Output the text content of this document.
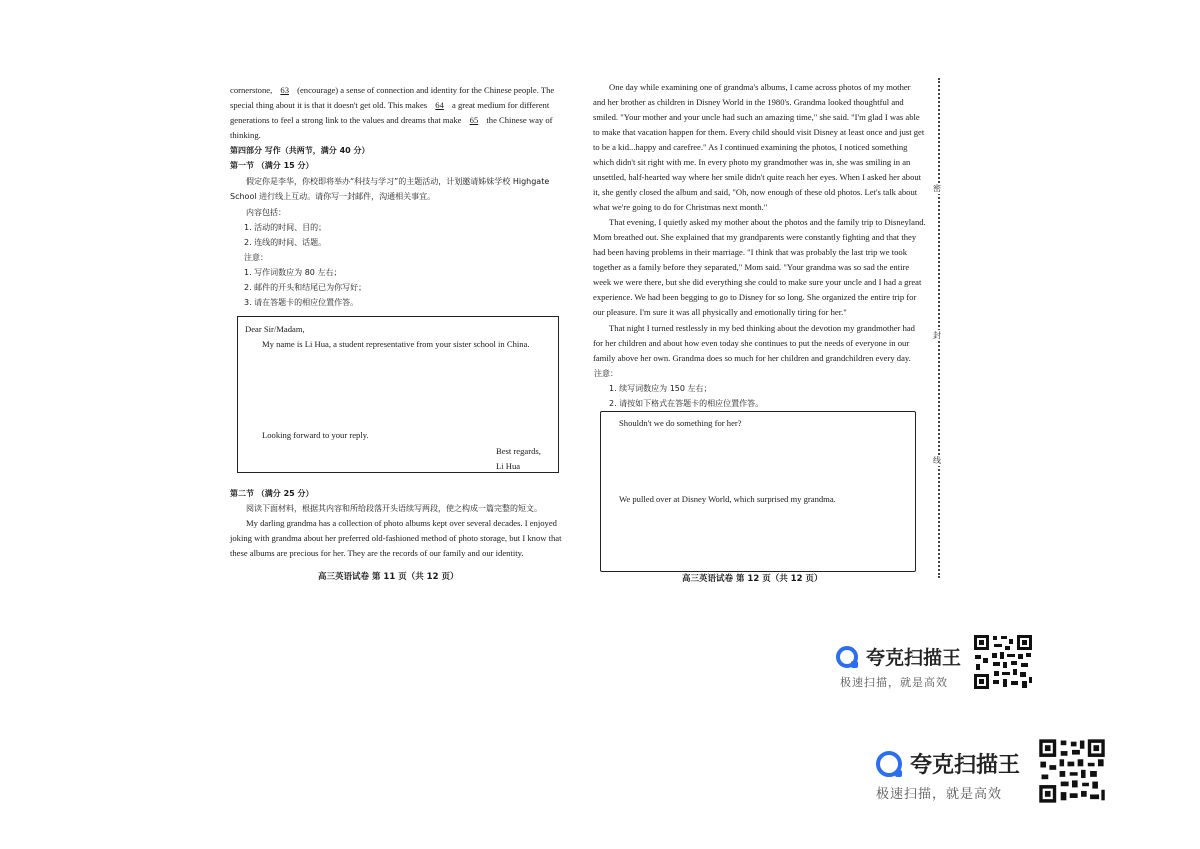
cornerstone, 63 (encourage) a sense of connection and identity for the Chinese people. The
special thing about it is that it doesn't get old. This makes 64 a great medium for different
generations to feel a strong link to the values and dreams that make 65 the Chinese way of
thinking.
第四部分 写作（共两节，满分 40 分）
第一节 （满分 15 分）
假定你是李华，你校即将举办“科技与学习”的主题活动，计划邀请姊妹学校 Highgate
School 进行线上互动。请你写一封邮件，沟通相关事宜。
内容包括：
1. 活动的时间、目的；
2. 连线的时间、话题。
注意：
1. 写作词数应为 80 左右；
2. 邮件的开头和结尾已为你写好；
3. 请在答题卡的相应位置作答。
Dear Sir/Madam,
My name is Li Hua, a student representative from your sister school in China.
Looking forward to your reply.
Best regards,
Li Hua
第二节 （满分 25 分）
阅读下面材料，根据其内容和所给段落开头语续写两段，使之构成一篇完整的短文。
My darling grandma has a collection of photo albums kept over several decades. I enjoyed
joking with grandma about her preferred old-fashioned method of photo storage, but I know that
these albums are precious for her. They are the records of our family and our identity.
高三英语试卷 第 11 页（共 12 页）
One day while examining one of grandma's albums, I came across photos of my mother
and her brother as children in Disney World in the 1980's. Grandma looked thoughtful and
smiled. "Your mother and your uncle had such an amazing time," she said. "I'm glad I was able
to make that vacation happen for them. Every child should visit Disney at least once and just get
to be a kid...happy and carefree." As I continued examining the photos, I noticed something
which didn't sit right with me. In every photo my grandmother was in, she was smiling in an
unsettled, half-hearted way where her smile didn't quite reach her eyes. When I asked her about
it, she gently closed the album and said, "Oh, now enough of these old photos. Let's talk about
what we're going to do for Christmas next month."
That evening, I quietly asked my mother about the photos and the family trip to Disneyland.
Mom breathed out. She explained that my grandparents were constantly fighting and that they
had been having problems in their marriage. "I think that was probably the last trip we took
together as a family before they separated," Mom said. "Your grandma was so sad the entire
week we were there, but she did everything she could to make sure your uncle and I had a great
experience. We had been begging to go to Disney for so long. She organized the entire trip for
our pleasure. I'm sure it was all physically and emotionally tiring for her."
That night I turned restlessly in my bed thinking about the devotion my grandmother had
for her children and about how even today she continues to put the needs of everyone in our
family above her own. Grandma does so much for her children and grandchildren every day.
注意：
1. 续写词数应为 150 左右；
2. 请按如下格式在答题卡的相应位置作答。
Shouldn't we do something for her?
We pulled over at Disney World, which surprised my grandma.
高三英语试卷 第 12 页（共 12 页）
密
封
线
夸克扫描王
极速扫描，就是高效
夸克扫描王
极速扫描，就是高效
